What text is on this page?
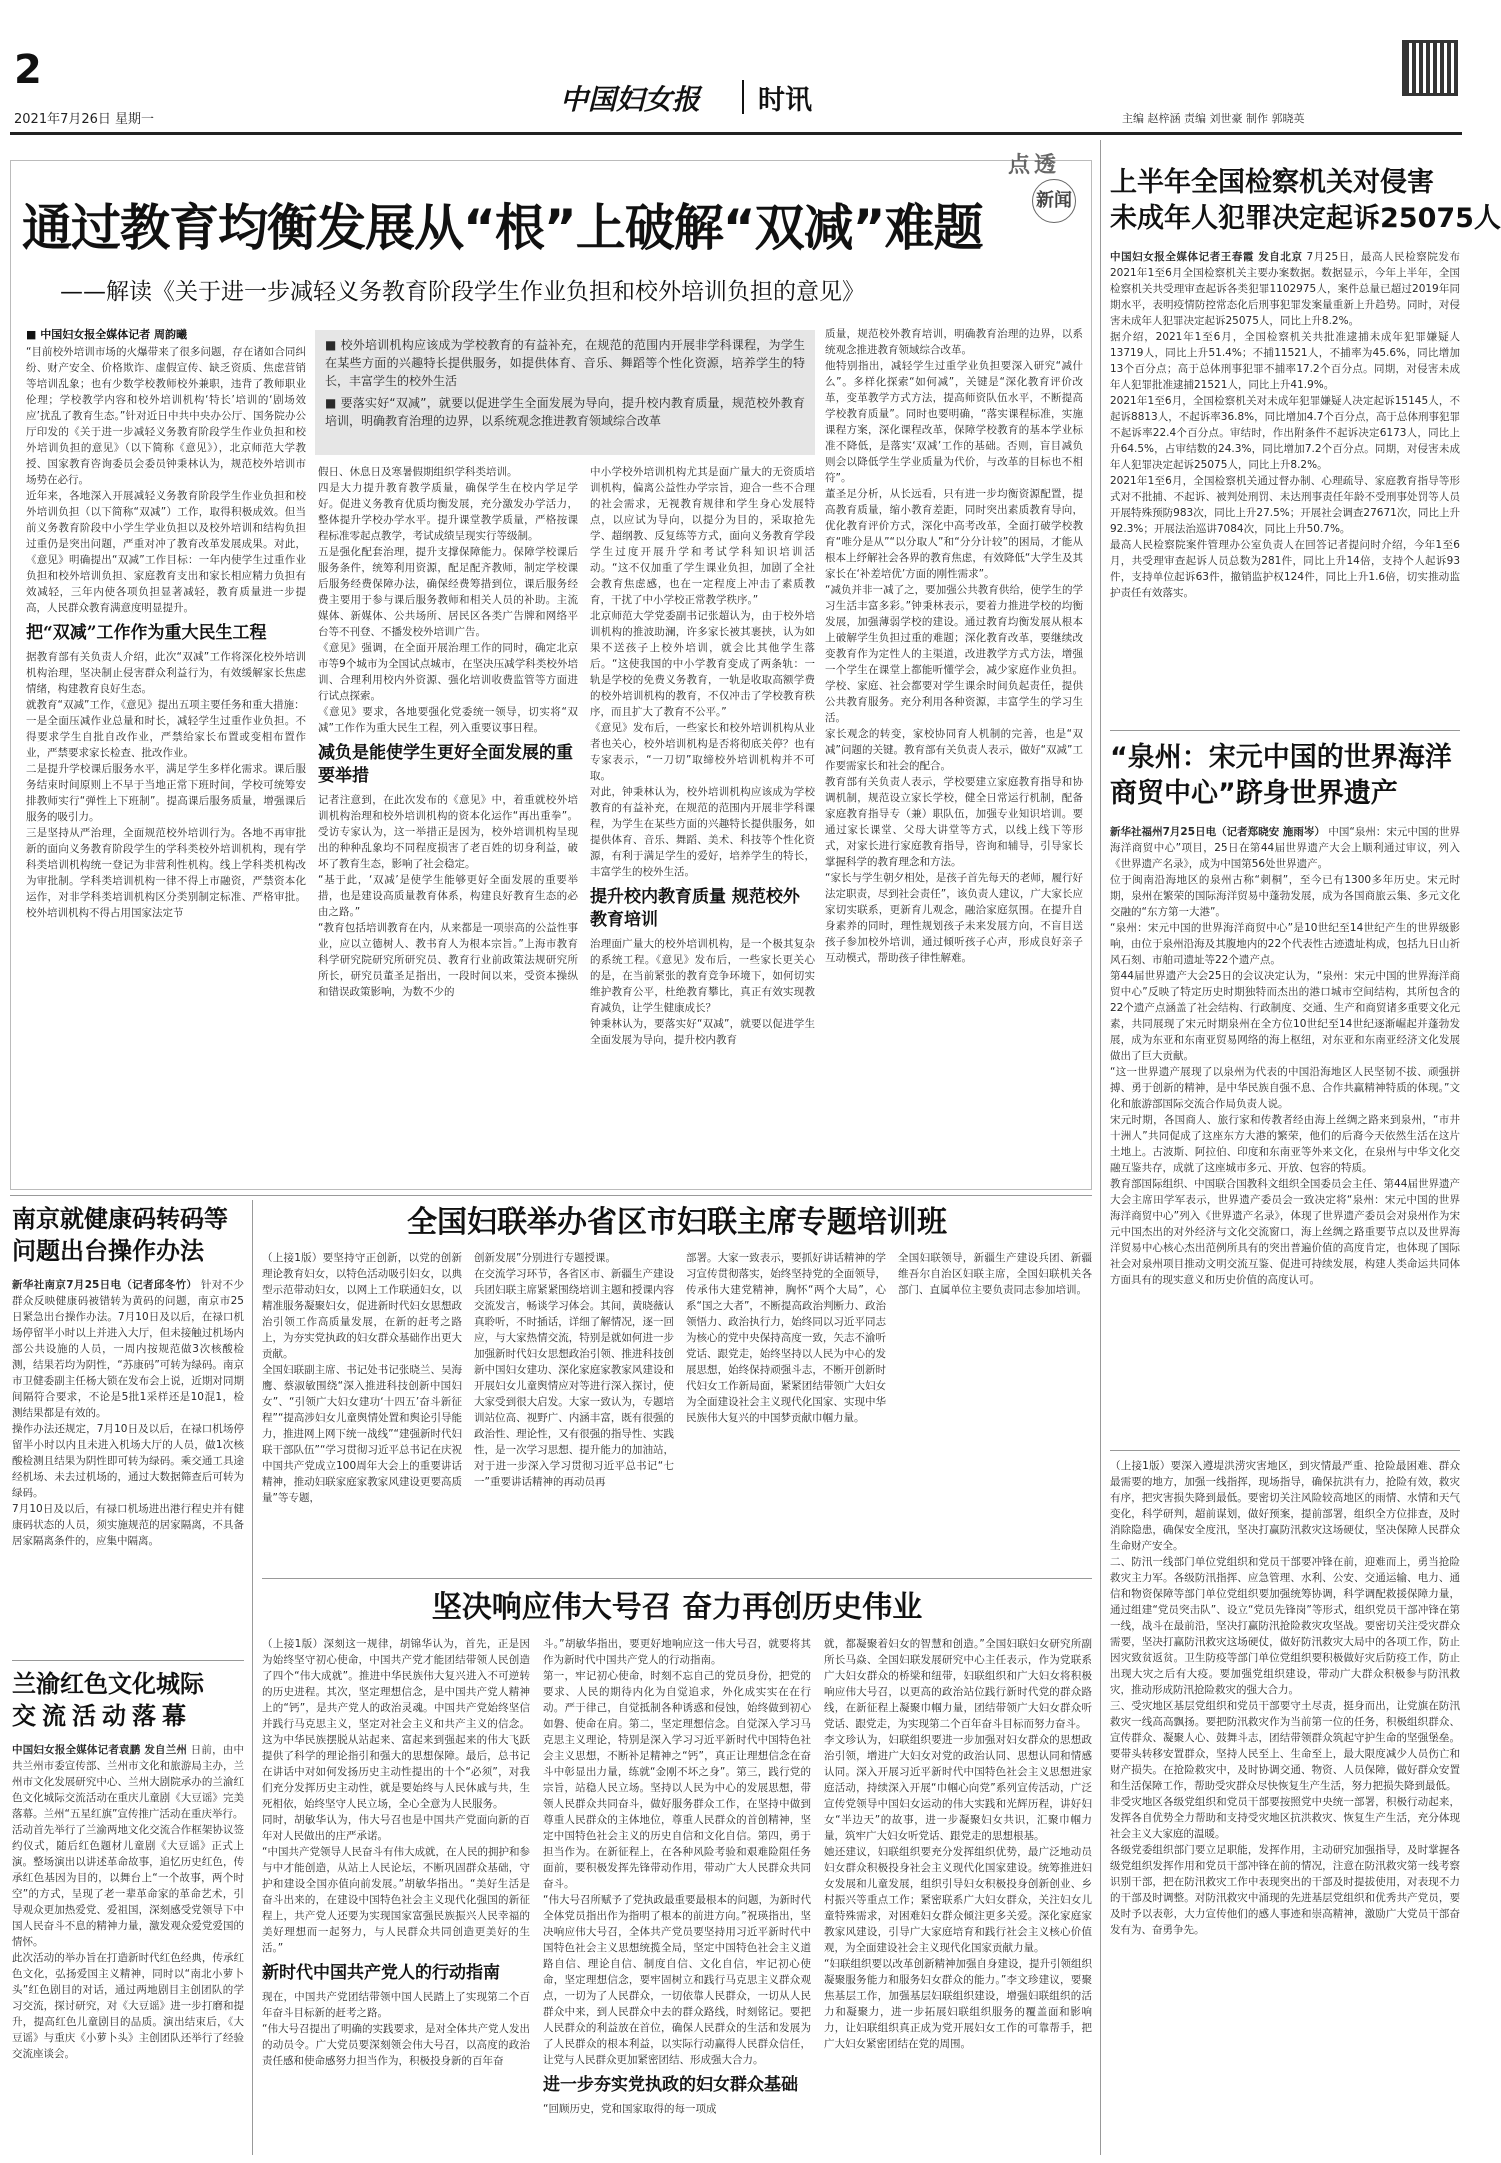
2
2021年7月26日 星期一
中国妇女报 时讯
主编 赵梓涵 责编 刘世豪 制作 郭晓英
点透
新闻
通过教育均衡发展从“根”上破解“双减”难题
——解读《关于进一步减轻义务教育阶段学生作业负担和校外培训负担的意见》

■ 校外培训机构应该成为学校教育的有益补充，在规范的范围内开展非学科课程，为学生在某些方面的兴趣特长提供服务，如提供体育、音乐、舞蹈等个性化资源，培养学生的特长，丰富学生的校外生活

■ 要落实好“双减”，就要以促进学生全面发展为导向，提升校内教育质量，规范校外教育培训，明确教育治理的边界，以系统观念推进教育领域综合改革

■ 中国妇女报全媒体记者 周韵曦

“目前校外培训市场的火爆带来了很多问题，存在诸如合同纠纷、财产安全、价格欺诈、虚假宣传、缺乏资质、焦虑营销等培训乱象；也有少数学校教师校外兼职，违背了教师职业伦理；学校教学内容和校外培训机构‘特长’培训的‘剧场效应’扰乱了教育生态。”针对近日中共中央办公厅、国务院办公厅印发的《关于进一步减轻义务教育阶段学生作业负担和校外培训负担的意见》（以下简称《意见》），北京师范大学教授、国家教育咨询委员会委员钟秉林认为，规范校外培训市场势在必行。

近年来，各地深入开展减轻义务教育阶段学生作业负担和校外培训负担（以下简称“双减”）工作，取得积极成效。但当前义务教育阶段中小学生学业负担以及校外培训和结构负担过重仍是突出问题，严重对冲了教育改革发展成果。对此，《意见》明确提出“双减”工作目标：一年内使学生过重作业负担和校外培训负担、家庭教育支出和家长相应精力负担有效减轻，三年内使各项负担显著减轻，教育质量进一步提高，人民群众教育满意度明显提升。

把“双减”工作作为重大民生工程

据教育部有关负责人介绍，此次“双减”工作将深化校外培训机构治理，坚决制止侵害群众利益行为，有效缓解家长焦虑情绪，构建教育良好生态。

就教育“双减”工作，《意见》提出五项主要任务和重大措施：

一是全面压减作业总量和时长，减轻学生过重作业负担。不得要求学生自批自改作业，严禁给家长布置或变相布置作业，严禁要求家长检查、批改作业。

二是提升学校课后服务水平，满足学生多样化需求。课后服务结束时间原则上不早于当地正常下班时间，学校可统筹安排教师实行“弹性上下班制”。提高课后服务质量，增强课后服务的吸引力。

三是坚持从严治理，全面规范校外培训行为。各地不再审批新的面向义务教育阶段学生的学科类校外培训机构，现有学科类培训机构统一登记为非营利性机构。线上学科类机构改为审批制。学科类培训机构一律不得上市融资，严禁资本化运作，对非学科类培训机构区分类别制定标准、严格审批。校外培训机构不得占用国家法定节

假日、休息日及寒暑假期组织学科类培训。

四是大力提升教育教学质量，确保学生在校内学足学好。促进义务教育优质均衡发展，充分激发办学活力，整体提升学校办学水平。提升课堂教学质量，严格按课程标准零起点教学，考试成绩呈现实行等级制。

五是强化配套治理，提升支撑保障能力。保障学校课后服务条件，统筹利用资源，配足配齐教师，制定学校课后服务经费保障办法，确保经费筹措到位，课后服务经费主要用于参与课后服务教师和相关人员的补助。主流媒体、新媒体、公共场所、居民区各类广告牌和网络平台等不刊登、不播发校外培训广告。

《意见》强调，在全面开展治理工作的同时，确定北京市等9个城市为全国试点城市，在坚决压减学科类校外培训、合理利用校内外资源、强化培训收费监管等方面进行试点探索。

《意见》要求，各地要强化党委统一领导，切实将“双减”工作作为重大民生工程，列入重要议事日程。

减负是能使学生更好全面发展的重要举措

记者注意到，在此次发布的《意见》中，着重就校外培训机构治理和校外培训机构的资本化运作“再出重拳”。受访专家认为，这一举措正是因为，校外培训机构呈现出的种种乱象均不同程度损害了老百姓的切身利益，破坏了教育生态，影响了社会稳定。

“基于此，‘双减’是使学生能够更好全面发展的重要举措，也是建设高质量教育体系，构建良好教育生态的必由之路。”

“教育包括培训教育在内，从来都是一项崇高的公益性事业，应以立德树人、教书育人为根本宗旨。”上海市教育科学研究院研究所研究员、教育行业前政策法规研究所所长，研究员董圣足指出，一段时间以来，受资本操纵和错误政策影响，为数不少的

中小学校外培训机构尤其是面广量大的无资质培训机构，偏离公益性办学宗旨，迎合一些不合理的社会需求，无视教育规律和学生身心发展特点，以应试为导向，以提分为目的，采取抢先学、超纲教、反复练等方式，面向义务教育学段学生过度开展升学和考试学科知识培训活动。“这不仅加重了学生课业负担，加剧了全社会教育焦虑感，也在一定程度上冲击了素质教育，干扰了中小学校正常教学秩序。”

北京师范大学党委副书记张超认为，由于校外培训机构的推波助澜，许多家长被其裹挟，认为如果不送孩子上校外培训，就会比其他学生落后。“这使我国的中小学教育变成了两条轨：一轨是学校的免费义务教育，一轨是收取高额学费的校外培训机构的教育，不仅冲击了学校教育秩序，而且扩大了教育不公平。”

《意见》发布后，一些家长和校外培训机构从业者也关心，校外培训机构是否将彻底关停？也有专家表示，“一刀切”取缔校外培训机构并不可取。

对此，钟秉林认为，校外培训机构应该成为学校教育的有益补充，在规范的范围内开展非学科课程，为学生在某些方面的兴趣特长提供服务，如提供体育、音乐、舞蹈、美术、科技等个性化资源，有利于满足学生的爱好，培养学生的特长，丰富学生的校外生活。

提升校内教育质量 规范校外教育培训

治理面广量大的校外培训机构，是一个极其复杂的系统工程。《意见》发布后，一些家长更关心的是，在当前紧张的教育竞争环境下，如何切实维护教育公平，杜绝教育攀比，真正有效实现教育减负，让学生健康成长？

钟秉林认为，要落实好“双减”，就要以促进学生全面发展为导向，提升校内教育

质量，规范校外教育培训，明确教育治理的边界，以系统观念推进教育领域综合改革。

他特别指出，减轻学生过重学业负担要深入研究“减什么”。多样化探索“如何减”，关键是“深化教育评价改革，变革教学方式方法，提高师资队伍水平，不断提高学校教育质量”。同时也要明确，“落实课程标准，实施课程方案，深化课程改革，保障学校教育的基本学业标准不降低，是落实‘双减’工作的基础。否则，盲目减负则会以降低学生学业质量为代价，与改革的目标也不相符”。

董圣足分析，从长远看，只有进一步均衡资源配置，提高教育质量，缩小教育差距，同时突出素质教育导向，优化教育评价方式，深化中高考改革，全面打破学校教育“唯分是从”“以分取人”和“分分计较”的困局，才能从根本上纾解社会各界的教育焦虑，有效降低“大学生及其家长在‘补差培优’方面的刚性需求”。

“减负并非一减了之，要加强公共教育供给，使学生的学习生活丰富多彩。”钟秉林表示，要着力推进学校的均衡发展，加强薄弱学校的建设。通过教育均衡发展从根本上破解学生负担过重的难题；深化教育改革，要继续改变教育作为定性人的主渠道，改进教学方式方法，增强一个学生在课堂上都能听懂学会，减少家庭作业负担。学校、家庭、社会都要对学生课余时间负起责任，提供公共教育服务。充分利用各种资源，丰富学生的学习生活。

家长观念的转变，家校协同育人机制的完善，也是“双减”问题的关键。教育部有关负责人表示，做好“双减”工作要需家长和社会的配合。

教育部有关负责人表示，学校要建立家庭教育指导和协调机制，规范设立家长学校，健全日常运行机制，配备家庭教育指导专（兼）职队伍，加强专业知识培训。要通过家长课堂、父母大讲堂等方式，以线上线下等形式，对家长进行家庭教育指导，咨询和辅导，引导家长掌握科学的教育理念和方法。

“家长与学生朝夕相处，是孩子首先每天的老师，履行好法定职责，尽到社会责任”，该负责人建议，广大家长应家切实联系，更新育儿观念，融洽家庭氛围。在提升自身素养的同时，理性规划孩子未来发展方向，不盲目送孩子参加校外培训，通过倾听孩子心声，形成良好亲子互动模式，帮助孩子律性解难。

上半年全国检察机关对侵害
未成年人犯罪决定起诉25075人

中国妇女报全媒体记者王春霞 发自北京 7月25日，最高人民检察院发布2021年1至6月全国检察机关主要办案数据。数据显示，今年上半年，全国检察机关共受理审查起诉各类犯罪1102975人，案件总量已超过2019年同期水平，表明疫情防控常态化后刑事犯罪发案量重新上升趋势。同时，对侵害未成年人犯罪决定起诉25075人，同比上升8.2%。

据介绍，2021年1至6月，全国检察机关共批准逮捕未成年犯罪嫌疑人13719人，同比上升51.4%；不捕11521人，不捕率为45.6%，同比增加13个百分点；高于总体刑事犯罪不捕率17.2个百分点。同期，对侵害未成年人犯罪批准逮捕21521人，同比上升41.9%。

2021年1至6月，全国检察机关对未成年犯罪嫌疑人决定起诉15145人，不起诉8813人，不起诉率36.8%，同比增加4.7个百分点，高于总体刑事犯罪不起诉率22.4个百分点。审结时，作出附条件不起诉决定6173人，同比上升64.5%，占审结数的24.3%，同比增加7.2个百分点。同期，对侵害未成年人犯罪决定起诉25075人，同比上升8.2%。

2021年1至6月，全国检察机关通过督办制、心理疏导、家庭教育指导等形式对不批捕、不起诉、被判处刑罚、未达刑事责任年龄不受刑事处罚等人员开展特殊预防983次，同比上升27.5%；开展社会调查27671次，同比上升92.3%；开展法治巡讲7084次，同比上升50.7%。

最高人民检察院案件管理办公室负责人在回答记者提问时介绍，今年1至6月，共受理审查起诉人员总数为281件，同比上升14倍，支持个人起诉93件，支持单位起诉63件，撤销监护权124件，同比上升1.6倍，切实推动监护责任有效落实。

“泉州：宋元中国的世界海洋
商贸中心”跻身世界遗产

新华社福州7月25日电（记者郑晓安 施雨岑） 中国“泉州：宋元中国的世界海洋商贸中心”项目，25日在第44届世界遗产大会上顺利通过审议，列入《世界遗产名录》，成为中国第56处世界遗产。

位于闽南沿海地区的泉州古称“刺桐”，至今已有1300多年历史。宋元时期，泉州在繁荣的国际海洋贸易中蓬勃发展，成为各国商旅云集、多元文化交融的“东方第一大港”。

“泉州：宋元中国的世界海洋商贸中心”是10世纪至14世纪产生的世界级影响，由位于泉州沿海及其腹地内的22个代表性古迹遗址构成，包括九日山祈风石刻、市舶司遗址等22个遗产点。

第44届世界遗产大会25日的会议决定认为，“泉州：宋元中国的世界海洋商贸中心”反映了特定历史时期独特而杰出的港口城市空间结构，其所包含的22个遗产点涵盖了社会结构、行政制度、交通、生产和商贸诸多重要文化元素，共同展现了宋元时期泉州在全方位10世纪至14世纪逐渐崛起并蓬勃发展，成为东亚和东南亚贸易网络的海上枢纽，对东亚和东南亚经济文化发展做出了巨大贡献。

“这一世界遗产展现了以泉州为代表的中国沿海地区人民坚韧不拔、顽强拼搏、勇于创新的精神，是中华民族自强不息、合作共赢精神特质的体现。”文化和旅游部国际交流合作局负责人说。

宋元时期，各国商人、旅行家和传教者经由海上丝绸之路来到泉州，“市井十洲人”共同促成了这座东方大港的繁荣，他们的后裔今天依然生活在这片土地上。古波斯、阿拉伯、印度和东南亚等外来文化，在泉州与中华文化交融互鉴共存，成就了这座城市多元、开放、包容的特质。

教育部国际组织、中国联合国教科文组织全国委员会主任、第44届世界遗产大会主席田学军表示，世界遗产委员会一致决定将“泉州：宋元中国的世界海洋商贸中心”列入《世界遗产名录》，体现了世界遗产委员会对泉州作为宋元中国杰出的对外经济与文化交流窗口，海上丝绸之路重要节点以及世界海洋贸易中心核心杰出范例所具有的突出普遍价值的高度肯定，也体现了国际社会对泉州项目推动文明交流互鉴、促进可持续发展，构建人类命运共同体方面具有的现实意义和历史价值的高度认可。

（上接1版）要深入遵堤洪涝灾害地区，到灾情最严重、抢险最困难、群众最需要的地方，加强一线指挥，现场指导，确保抗洪有力，抢险有效，救灾有序，把灾害损失降到最低。要密切关注风险较高地区的雨情、水情和天气变化，科学研判，超前谋划，做好预案，提前部署，组织全方位排查，及时消除隐患，确保安全度汛，坚决打赢防汛救灾这场硬仗，坚决保障人民群众生命财产安全。

二、防汛一线部门单位党组织和党员干部要冲锋在前，迎难而上，勇当抢险救灾主力军。各级防汛指挥、应急管理、水利、公安、交通运输、电力、通信和物资保障等部门单位党组织要加强统筹协调，科学调配救援保障力量，通过组建“党员突击队”、设立“党员先锋岗”等形式，组织党员干部冲锋在第一线，战斗在最前沿，坚决打赢防汛抢险救灾攻坚战。要密切关注受灾群众需要，坚决打赢防汛救灾这场硬仗，做好防汛救灾大局中的各项工作，防止因灾致贫返贫。卫生防疫等部门单位党组织要积极做好灾后防疫工作，防止出现大灾之后有大疫。要加强党组织建设，带动广大群众积极参与防汛救灾，推动形成防汛抢险救灾的强大合力。

三、受灾地区基层党组织和党员干部要守土尽责，挺身而出，让党旗在防汛救灾一线高高飘扬。要把防汛救灾作为当前第一位的任务，积极组织群众、宣传群众、凝聚人心、鼓舞斗志，团结带领群众筑起守护生命的坚强堡垒。要带头转移安置群众，坚持人民至上、生命至上，最大限度减少人员伤亡和财产损失。在抢险救灾中，及时协调交通、物资、人员保障，做好群众安置和生活保障工作，帮助受灾群众尽快恢复生产生活，努力把损失降到最低。

非受灾地区各级党组织和党员干部要按照党中央统一部署，积极行动起来，发挥各自优势全力帮助和支持受灾地区抗洪救灾、恢复生产生活，充分体现社会主义大家庭的温暖。

各级党委组织部门要立足职能，发挥作用，主动研究加强指导，及时掌握各级党组织发挥作用和党员干部冲锋在前的情况，注意在防汛救灾第一线考察识别干部，把在防汛救灾工作中表现突出的干部及时提拔使用，对表现不力的干部及时调整。对防汛救灾中涌现的先进基层党组织和优秀共产党员，要及时予以表彰，大力宣传他们的感人事迹和崇高精神，激励广大党员干部奋发有为、奋勇争先。

南京就健康码转码等
问题出台操作办法

新华社南京7月25日电（记者邱冬竹） 针对不少群众反映健康码被错转为黄码的问题，南京市25日紧急出台操作办法。7月10日及以后，在禄口机场停留半小时以上并进入大厅，但未接触过机场内部公共设施的人员，一周内按规范做3次核酸检测，结果若均为阴性，“苏康码”可转为绿码。南京市卫健委副主任杨大锁在发布会上说，近期对同期间隔符合要求，不论是5批1采样还是10混1，检测结果都是有效的。

操作办法还规定，7月10日及以后，在禄口机场停留半小时以内且未进入机场大厅的人员，做1次核酸检测且结果为阴性即可转为绿码。乘交通工具途经机场、未去过机场的，通过大数据筛查后可转为绿码。

7月10日及以后，有禄口机场进出港行程史并有健康码状态的人员，须实施规范的居家隔离，不具备居家隔离条件的，应集中隔离。

兰渝红色文化城际
交流活动落幕

中国妇女报全媒体记者袁鹏 发自兰州 日前，由中共兰州市委宣传部、兰州市文化和旅游局主办，兰州市文化发展研究中心、兰州大剧院承办的兰渝红色文化城际交流活动在重庆儿童剧《大豆谣》完美落幕。兰州“五星红旗”宣传推广活动在重庆举行。

活动首先举行了兰渝两地文化交流合作框架协议签约仪式，随后红色题材儿童剧《大豆谣》正式上演。整场演出以讲述革命故事，追忆历史红色，传承红色基因为目的，以舞台上“一个故事，两个时空”的方式，呈现了老一辈革命家的革命艺术，引导观众更加热爱党、爱祖国，深刻感受党领导下中国人民奋斗不息的精神力量，激发观众爱党爱国的情怀。

此次活动的举办旨在打造新时代红色经典，传承红色文化，弘扬爱国主义精神，同时以“南北小萝卜头”红色剧目的对话，通过两地剧目主创团队的学习交流，探讨研究，对《大豆谣》进一步打磨和提升，提高红色儿童剧目的品质。演出结束后，《大豆谣》与重庆《小萝卜头》主创团队还举行了经验交流座谈会。

全国妇联举办省区市妇联主席专题培训班

（上接1版）要坚持守正创新，以党的创新理论教育妇女，以特色活动吸引妇女，以典型示范带动妇女，以网上工作联通妇女，以精准服务凝聚妇女，促进新时代妇女思想政治引领工作高质量发展，在新的赶考之路上，为夯实党执政的妇女群众基础作出更大贡献。

全国妇联副主席、书记处书记张晓兰、吴海鹰、蔡淑敏围绕“深入推进科技创新中国妇女”、“引领广大妇女建功‘十四五’奋斗新征程”“提高涉妇女儿童舆情处置和舆论引导能力，推进网上网下统一战线”“建强新时代妇联干部队伍”“学习贯彻习近平总书记在庆祝中国共产党成立100周年大会上的重要讲话精神，推动妇联家庭家教家风建设更要高质量”等专题，

创新发展”分别进行专题授课。

在交流学习环节，各省区市、新疆生产建设兵团妇联主席紧紧围绕培训主题和授课内容交流发言，畅谈学习体会。其间，黄晓薇认真聆听，不时插话，详细了解情况，逐一回应，与大家热情交流，特别是就如何进一步加强新时代妇女思想政治引领、推进科技创新中国妇女建功、深化家庭家教家风建设和开展妇女儿童舆情应对等进行深入探讨，使大家受到很大启发。大家一致认为，专题培训站位高、视野广、内涵丰富，既有很强的政治性、理论性，又有很强的指导性、实践性，是一次学习思想、提升能力的加油站，对于进一步深入学习贯彻习近平总书记“七一”重要讲话精神的再动员再

部署。大家一致表示，要抓好讲话精神的学习宣传贯彻落实，始终坚持党的全面领导，传承伟大建党精神，胸怀“两个大局”，心系“国之大者”，不断提高政治判断力、政治领悟力、政治执行力，始终同以习近平同志为核心的党中央保持高度一致，矢志不渝听党话、跟党走，始终坚持以人民为中心的发展思想，始终保持顽强斗志，不断开创新时代妇女工作新局面，紧紧团结带领广大妇女为全面建设社会主义现代化国家、实现中华民族伟大复兴的中国梦贡献巾帼力量。

全国妇联领导，新疆生产建设兵团、新疆维吾尔自治区妇联主席，全国妇联机关各部门、直属单位主要负责同志参加培训。

坚决响应伟大号召 奋力再创历史伟业

（上接1版）深刻这一规律，胡锦华认为，首先，正是因为始终坚守初心使命，中国共产党才能团结带领人民创造了四个“伟大成就”。推进中华民族伟大复兴进入不可逆转的历史进程。其次，坚定理想信念，是中国共产党人精神上的“钙”，是共产党人的政治灵魂。中国共产党始终坚信并践行马克思主义，坚定对社会主义和共产主义的信念。这为中华民族摆脱从站起来、富起来到强起来的伟大飞跃提供了科学的理论指引和强大的思想保障。最后，总书记在讲话中对如何发扬历史主动性提出的十个“必须”，对我们充分发挥历史主动性，就是要始终与人民休戚与共，生死相依，始终坚守人民立场，全心全意为人民服务。

同时，胡敏华认为，伟大号召也是中国共产党面向新的百年对人民做出的庄严承诺。

“中国共产党领导人民奋斗有伟大成就，在人民的拥护和参与中才能创造，从站上人民论坛，不断巩固群众基础，守护和建设全国亦值向前发展。”胡敏华指出。“美好生活是奋斗出来的，在建设中国特色社会主义现代化强国的新征程上，共产党人还要为实现国家富强民族振兴人民幸福的美好理想而一起努力，与人民群众共同创造更美好的生活。”

新时代中国共产党人的行动指南

现在，中国共产党团结带领中国人民踏上了实现第二个百年奋斗目标新的赶考之路。

“伟大号召提出了明确的实践要求，是对全体共产党人发出的动员令。广大党员要深刻领会伟大号召，以高度的政治责任感和使命感努力担当作为，积极投身新的百年奋

斗。”胡敏华指出，要更好地响应这一伟大号召，就要将其作为新时代中国共产党人的行动指南。

第一，牢记初心使命，时刻不忘自己的党员身份，把党的要求、人民的期待内化为自觉追求，外化成实实在在行动。严于律己，自觉抵制各种诱惑和侵蚀，始终做到初心如磐、使命在肩。第二，坚定理想信念。自觉深入学习马克思主义理论，特别是深入学习习近平新时代中国特色社会主义思想，不断补足精神之“钙”，真正让理想信念在奋斗中彰显出力量，练就“金刚不坏之身”。第三，践行党的宗旨，站稳人民立场。坚持以人民为中心的发展思想，带领人民群众共同奋斗，做好服务群众工作，在坚持中做到尊重人民群众的主体地位，尊重人民群众的首创精神，坚定中国特色社会主义的历史自信和文化自信。第四，勇于担当作为。在新征程上，在各种风险考验和艰难险阻任务面前，要积极发挥先锋带动作用，带动广大人民群众共同奋斗。

“伟大号召所赋予了党执政最重要最根本的问题，为新时代全体党员指出作为指明了根本的前进方向。”祝瑛指出，坚决响应伟大号召，全体共产党员要坚持用习近平新时代中国特色社会主义思想统揽全局，坚定中国特色社会主义道路自信、理论自信、制度自信、文化自信，牢记初心使命，坚定理想信念，要牢固树立和践行马克思主义群众观点，一切为了人民群众，一切依靠人民群众，一切从人民群众中来，到人民群众中去的群众路线，时刻铭记。要把人民群众的利益放在首位，确保人民群众的生活和发展为了人民群众的根本利益，以实际行动赢得人民群众信任，让党与人民群众更加紧密团结、形成强大合力。

进一步夯实党执政的妇女群众基础

“回顾历史，党和国家取得的每一项成

就，都凝聚着妇女的智慧和创造。”全国妇联妇女研究所副所长马焱、全国妇联发展研究中心主任表示，作为党联系广大妇女群众的桥梁和纽带，妇联组织和广大妇女将积极响应伟大号召，以更高的政治站位践行新时代党的群众路线，在新征程上凝聚巾帼力量，团结带领广大妇女群众听党话、跟党走，为实现第二个百年奋斗目标而努力奋斗。

李文珍认为，妇联组织要进一步加强对妇女群众的思想政治引领，增进广大妇女对党的政治认同、思想认同和情感认同。深入开展习近平新时代中国特色社会主义思想进家庭活动，持续深入开展“巾帼心向党”系列宣传活动，广泛宣传党领导中国妇女运动的伟大实践和光辉历程，讲好妇女“半边天”的故事，进一步凝聚妇女共识，汇聚巾帼力量，筑牢广大妇女听党话、跟党走的思想根基。

她还建议，妇联组织要充分发挥组织优势，最广泛地动员妇女群众积极投身社会主义现代化国家建设。统筹推进妇女发展和儿童发展，组织引导妇女积极投身创新创业、乡村振兴等重点工作；紧密联系广大妇女群众，关注妇女儿童特殊需求，对困难妇女群众倾注更多关爱。深化家庭家教家风建设，引导广大家庭培育和践行社会主义核心价值观，为全面建设社会主义现代化国家贡献力量。

“妇联组织要以改革创新精神加强自身建设，提升引领组织凝聚服务能力和服务妇女群众的能力。”李文珍建议，要聚焦基层工作，加强基层妇联组织建设，增强妇联组织的活力和凝聚力，进一步拓展妇联组织服务的覆盖面和影响力，让妇联组织真正成为党开展妇女工作的可靠帮手，把广大妇女紧密团结在党的周围。
